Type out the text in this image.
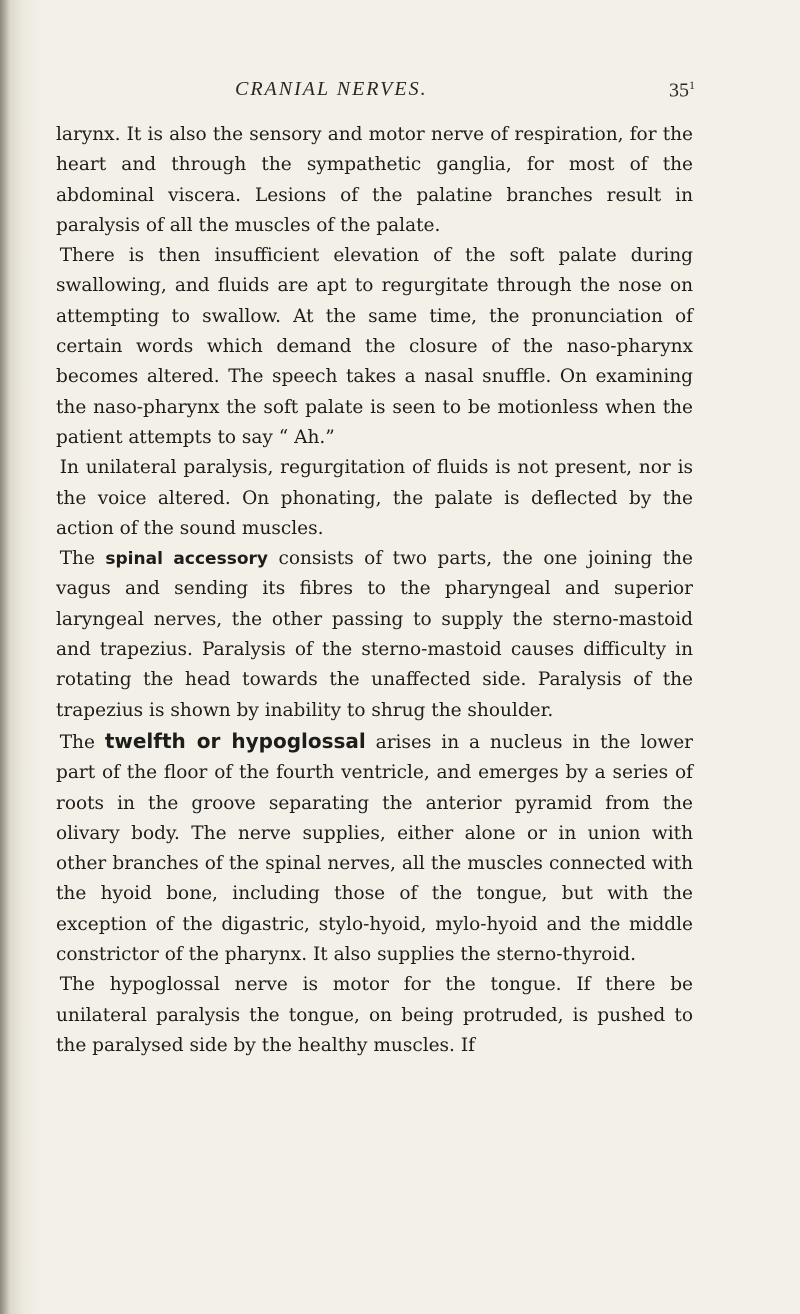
CRANIAL NERVES.	$35^1$

larynx. It is also the sensory and motor nerve of respiration, for the heart and through the sympathetic ganglia, for most of the abdominal viscera. Lesions of the palatine branches result in paralysis of all the muscles of the palate.

There is then insufficient elevation of the soft palate during swallowing, and fluids are apt to regurgitate through the nose on attempting to swallow. At the same time, the pronunciation of certain words which demand the closure of the naso-pharynx becomes altered. The speech takes a nasal snuffle. On examining the naso-pharynx the soft palate is seen to be motionless when the patient attempts to say “ Ah.”

In unilateral paralysis, regurgitation of fluids is not present, nor is the voice altered. On phonating, the palate is deflected by the action of the sound muscles.

The spinal accessory consists of two parts, the one joining the vagus and sending its fibres to the pharyngeal and superior laryngeal nerves, the other passing to supply the sterno-mastoid and trapezius. Paralysis of the sterno-mastoid causes difficulty in rotating the head towards the unaffected side. Paralysis of the trapezius is shown by inability to shrug the shoulder.

The twelfth or hypoglossal arises in a nucleus in the lower part of the floor of the fourth ventricle, and emerges by a series of roots in the groove separating the anterior pyramid from the olivary body. The nerve supplies, either alone or in union with other branches of the spinal nerves, all the muscles connected with the hyoid bone, including those of the tongue, but with the exception of the digastric, stylo-hyoid, mylo-hyoid and the middle constrictor of the pharynx. It also supplies the sterno-thyroid.

The hypoglossal nerve is motor for the tongue. If there be unilateral paralysis the tongue, on being protruded, is pushed to the paralysed side by the healthy muscles. If
